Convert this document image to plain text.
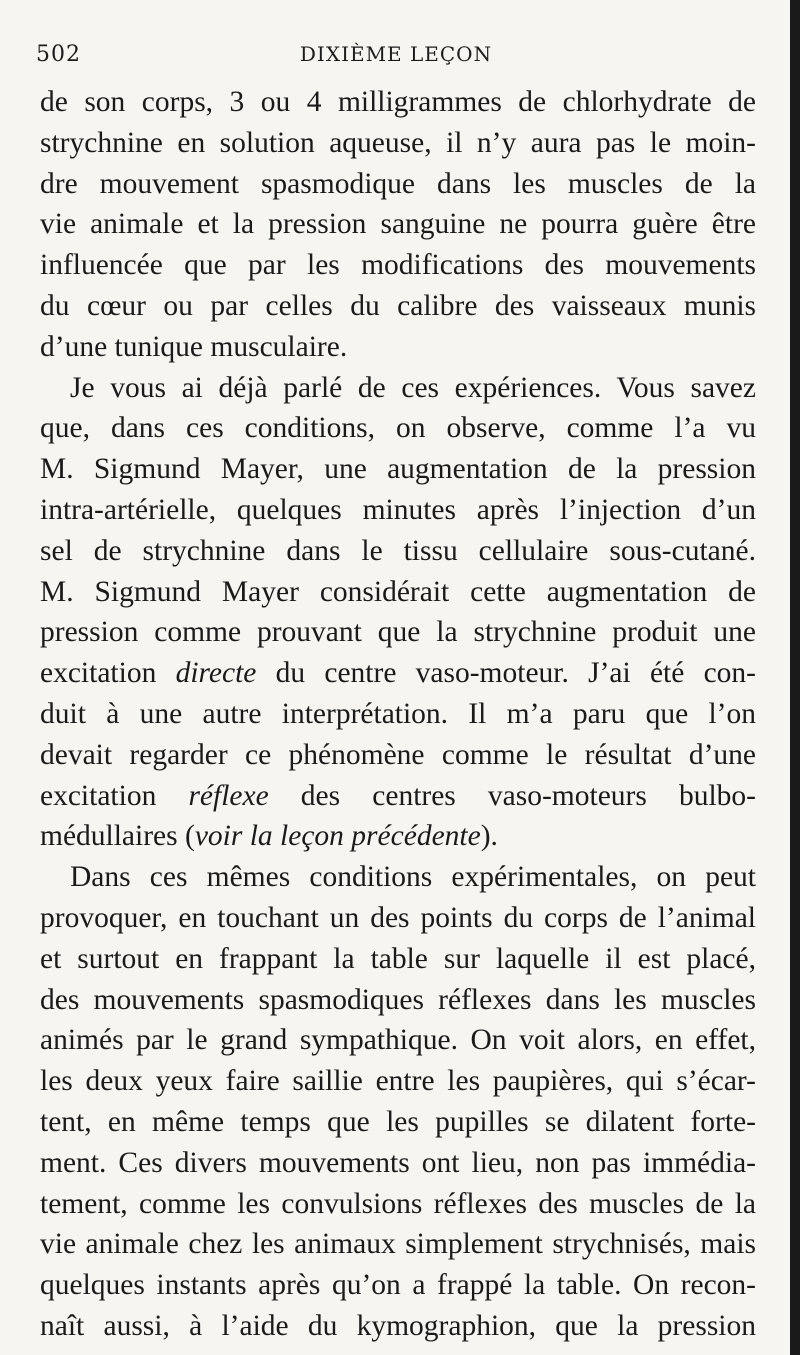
502	DIXIÈME LEÇON
de son corps, 3 ou 4 milligrammes de chlorhydrate de
strychnine en solution aqueuse, il n’y aura pas le moin-
dre mouvement spasmodique dans les muscles de la
vie animale et la pression sanguine ne pourra guère être
influencée que par les modifications des mouvements
du cœur ou par celles du calibre des vaisseaux munis
d’une tunique musculaire.
Je vous ai déjà parlé de ces expériences. Vous savez
que, dans ces conditions, on observe, comme l’a vu
M. Sigmund Mayer, une augmentation de la pression
intra-artérielle, quelques minutes après l’injection d’un
sel de strychnine dans le tissu cellulaire sous-cutané.
M. Sigmund Mayer considérait cette augmentation de
pression comme prouvant que la strychnine produit une
excitation directe du centre vaso-moteur. J’ai été con-
duit à une autre interprétation. Il m’a paru que l’on
devait regarder ce phénomène comme le résultat d’une
excitation réflexe des centres vaso-moteurs bulbo-
médullaires (voir la leçon précédente).
Dans ces mêmes conditions expérimentales, on peut
provoquer, en touchant un des points du corps de l’animal
et surtout en frappant la table sur laquelle il est placé,
des mouvements spasmodiques réflexes dans les muscles
animés par le grand sympathique. On voit alors, en effet,
les deux yeux faire saillie entre les paupières, qui s’écar-
tent, en même temps que les pupilles se dilatent forte-
ment. Ces divers mouvements ont lieu, non pas immédia-
tement, comme les convulsions réflexes des muscles de la
vie animale chez les animaux simplement strychnisés, mais
quelques instants après qu’on a frappé la table. On recon-
naît aussi, à l’aide du kymographion, que la pression
